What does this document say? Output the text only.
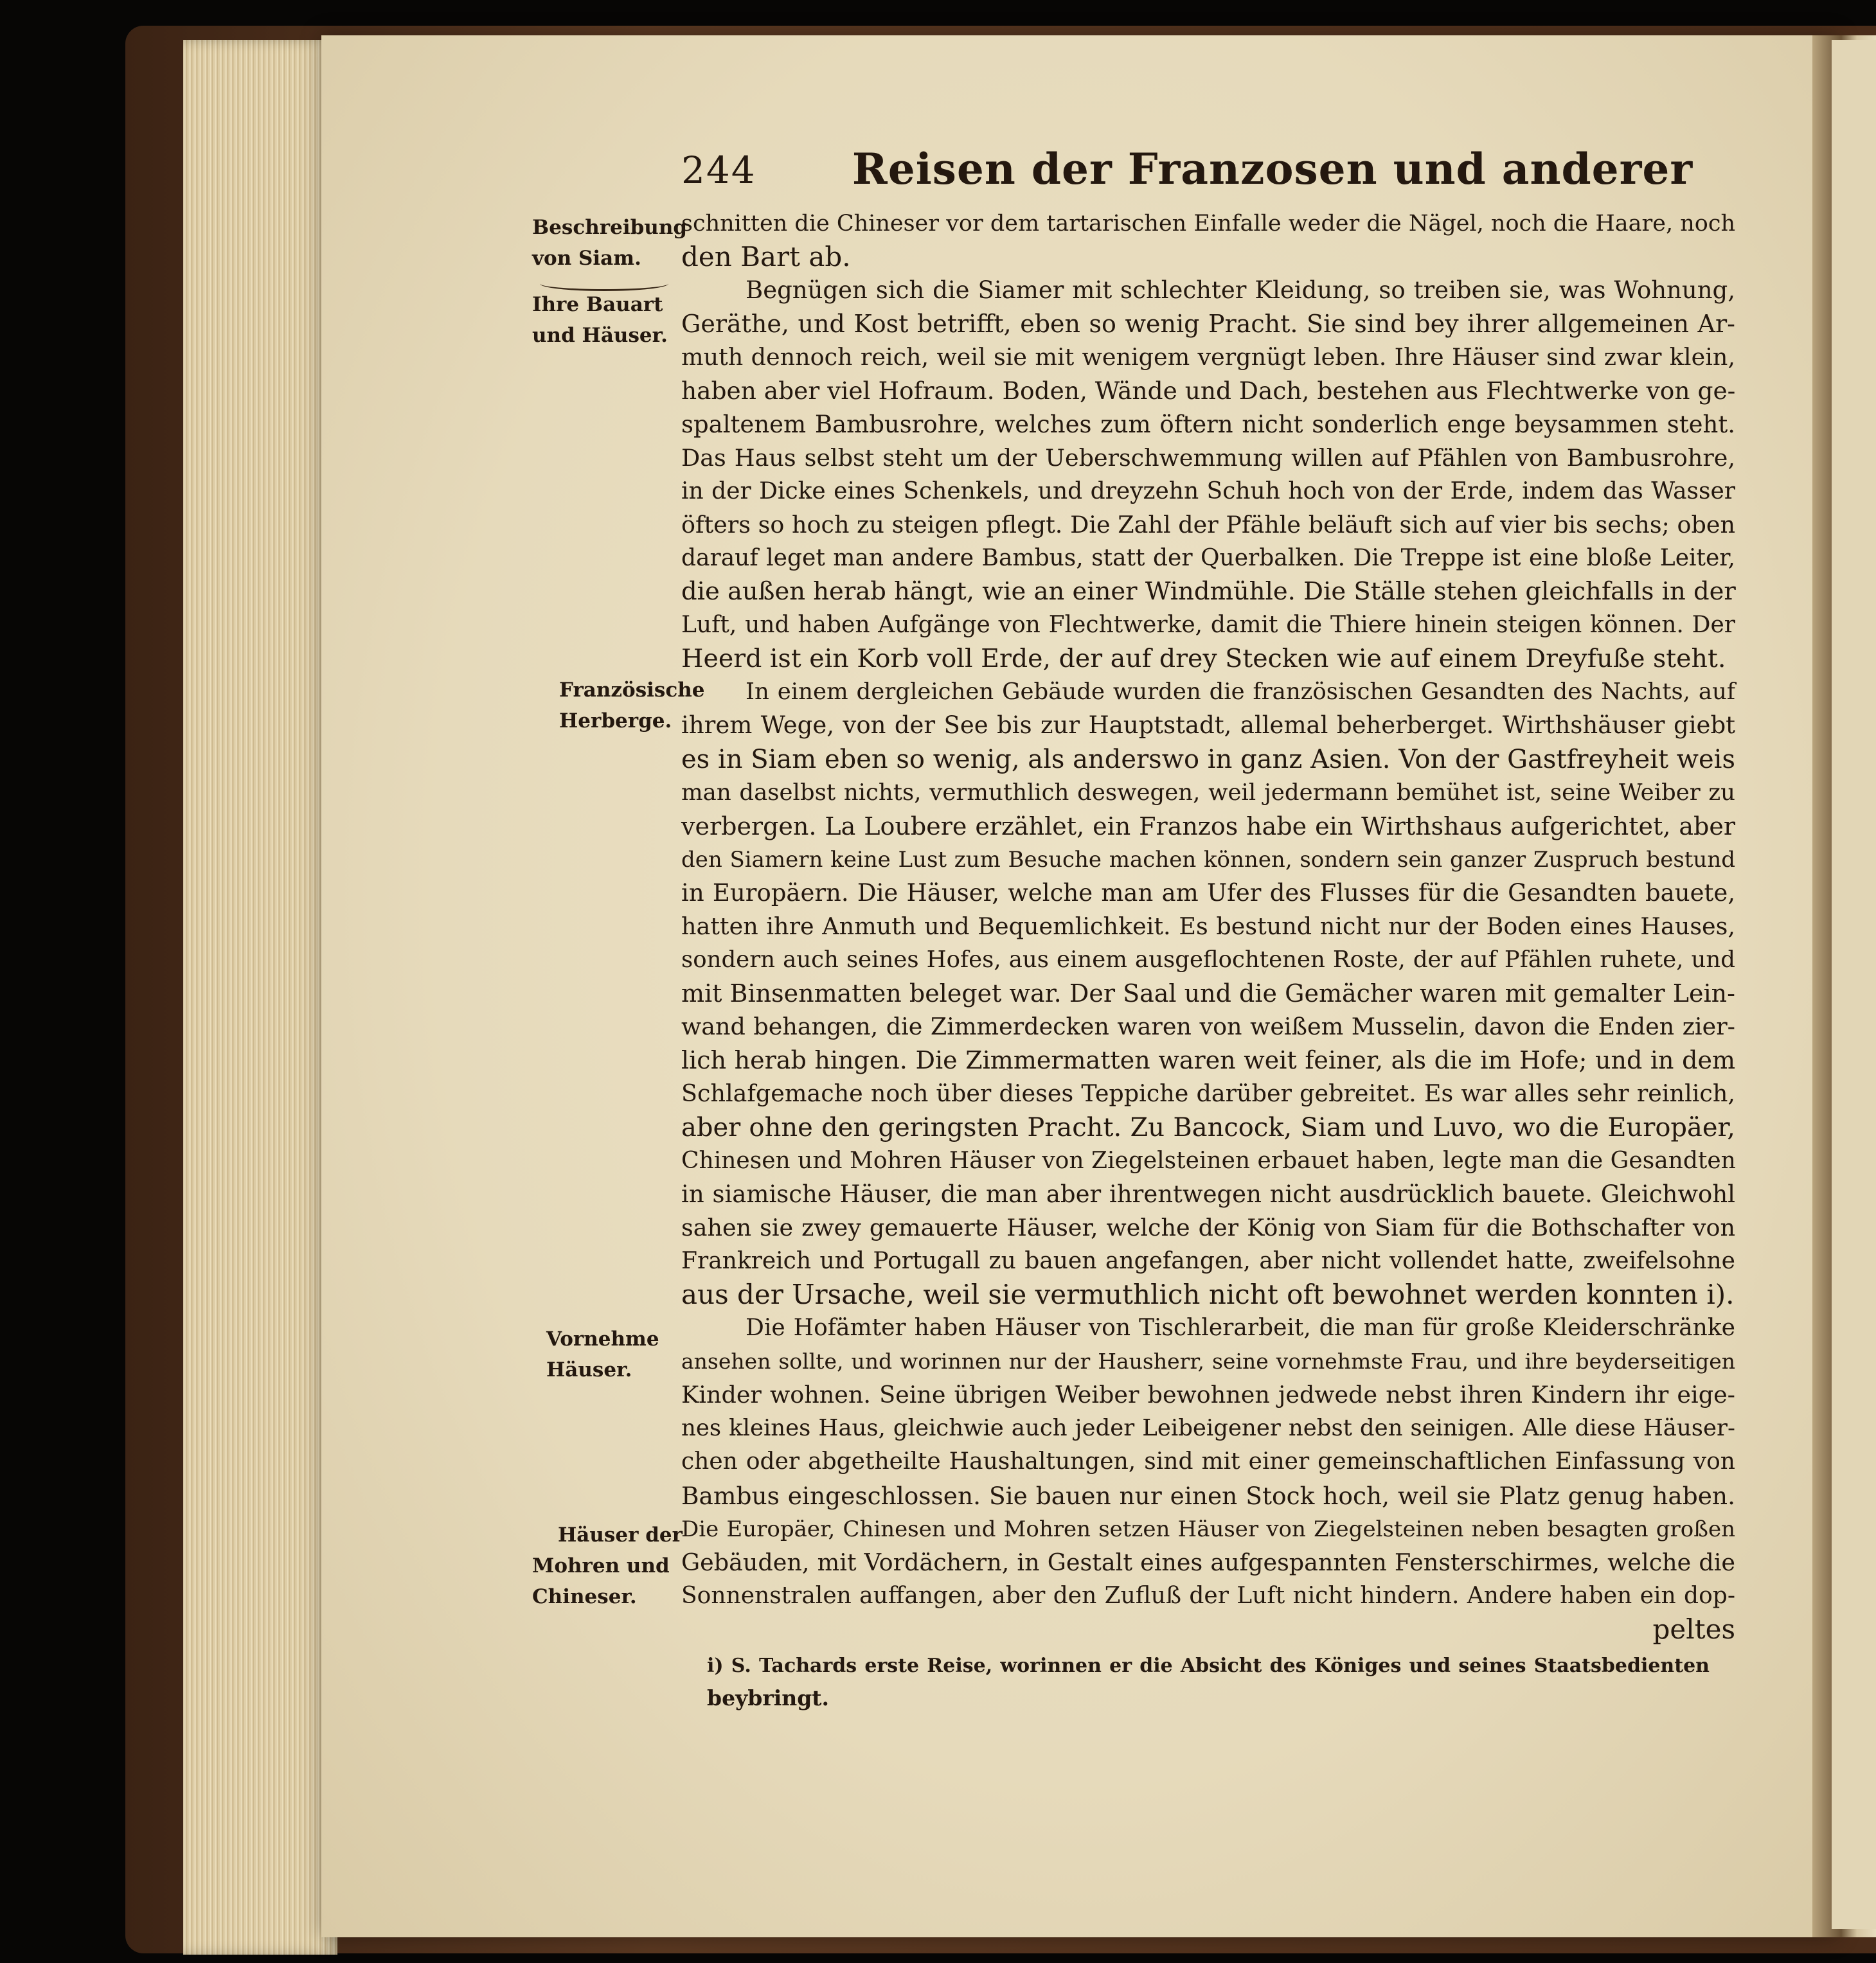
244	Reisen der Franzosen und anderer
Beschreibung
von Siam.
Ihre Bauart
und Häuser.
Französische
Herberge.
Vornehme
Häuser.
Häuser der
Mohren und
Chineser.
schnitten die Chineser vor dem tartarischen Einfalle weder die Nägel, noch die Haare, noch
den Bart ab.
Begnügen sich die Siamer mit schlechter Kleidung, so treiben sie, was Wohnung,
Geräthe, und Kost betrifft, eben so wenig Pracht. Sie sind bey ihrer allgemeinen Ar-
muth dennoch reich, weil sie mit wenigem vergnügt leben. Ihre Häuser sind zwar klein,
haben aber viel Hofraum. Boden, Wände und Dach, bestehen aus Flechtwerke von ge-
spaltenem Bambusrohre, welches zum öftern nicht sonderlich enge beysammen steht.
Das Haus selbst steht um der Ueberschwemmung willen auf Pfählen von Bambusrohre,
in der Dicke eines Schenkels, und dreyzehn Schuh hoch von der Erde, indem das Wasser
öfters so hoch zu steigen pflegt. Die Zahl der Pfähle beläuft sich auf vier bis sechs; oben
darauf leget man andere Bambus, statt der Querbalken. Die Treppe ist eine bloße Leiter,
die außen herab hängt, wie an einer Windmühle. Die Ställe stehen gleichfalls in der
Luft, und haben Aufgänge von Flechtwerke, damit die Thiere hinein steigen können. Der
Heerd ist ein Korb voll Erde, der auf drey Stecken wie auf einem Dreyfuße steht.
In einem dergleichen Gebäude wurden die französischen Gesandten des Nachts, auf
ihrem Wege, von der See bis zur Hauptstadt, allemal beherberget. Wirthshäuser giebt
es in Siam eben so wenig, als anderswo in ganz Asien. Von der Gastfreyheit weis
man daselbst nichts, vermuthlich deswegen, weil jedermann bemühet ist, seine Weiber zu
verbergen. La Loubere erzählet, ein Franzos habe ein Wirthshaus aufgerichtet, aber
den Siamern keine Lust zum Besuche machen können, sondern sein ganzer Zuspruch bestund
in Europäern. Die Häuser, welche man am Ufer des Flusses für die Gesandten bauete,
hatten ihre Anmuth und Bequemlichkeit. Es bestund nicht nur der Boden eines Hauses,
sondern auch seines Hofes, aus einem ausgeflochtenen Roste, der auf Pfählen ruhete, und
mit Binsenmatten beleget war. Der Saal und die Gemächer waren mit gemalter Lein-
wand behangen, die Zimmerdecken waren von weißem Musselin, davon die Enden zier-
lich herab hingen. Die Zimmermatten waren weit feiner, als die im Hofe; und in dem
Schlafgemache noch über dieses Teppiche darüber gebreitet. Es war alles sehr reinlich,
aber ohne den geringsten Pracht. Zu Bancock, Siam und Luvo, wo die Europäer,
Chinesen und Mohren Häuser von Ziegelsteinen erbauet haben, legte man die Gesandten
in siamische Häuser, die man aber ihrentwegen nicht ausdrücklich bauete. Gleichwohl
sahen sie zwey gemauerte Häuser, welche der König von Siam für die Bothschafter von
Frankreich und Portugall zu bauen angefangen, aber nicht vollendet hatte, zweifelsohne
aus der Ursache, weil sie vermuthlich nicht oft bewohnet werden konnten i).
Die Hofämter haben Häuser von Tischlerarbeit, die man für große Kleiderschränke
ansehen sollte, und worinnen nur der Hausherr, seine vornehmste Frau, und ihre beyderseitigen
Kinder wohnen. Seine übrigen Weiber bewohnen jedwede nebst ihren Kindern ihr eige-
nes kleines Haus, gleichwie auch jeder Leibeigener nebst den seinigen. Alle diese Häuser-
chen oder abgetheilte Haushaltungen, sind mit einer gemeinschaftlichen Einfassung von
Bambus eingeschlossen. Sie bauen nur einen Stock hoch, weil sie Platz genug haben.
Die Europäer, Chinesen und Mohren setzen Häuser von Ziegelsteinen neben besagten großen
Gebäuden, mit Vordächern, in Gestalt eines aufgespannten Fensterschirmes, welche die
Sonnenstralen auffangen, aber den Zufluß der Luft nicht hindern. Andere haben ein dop-
peltes
i) S. Tachards erste Reise, worinnen er die Absicht des Königes und seines Staatsbedienten
beybringt.
